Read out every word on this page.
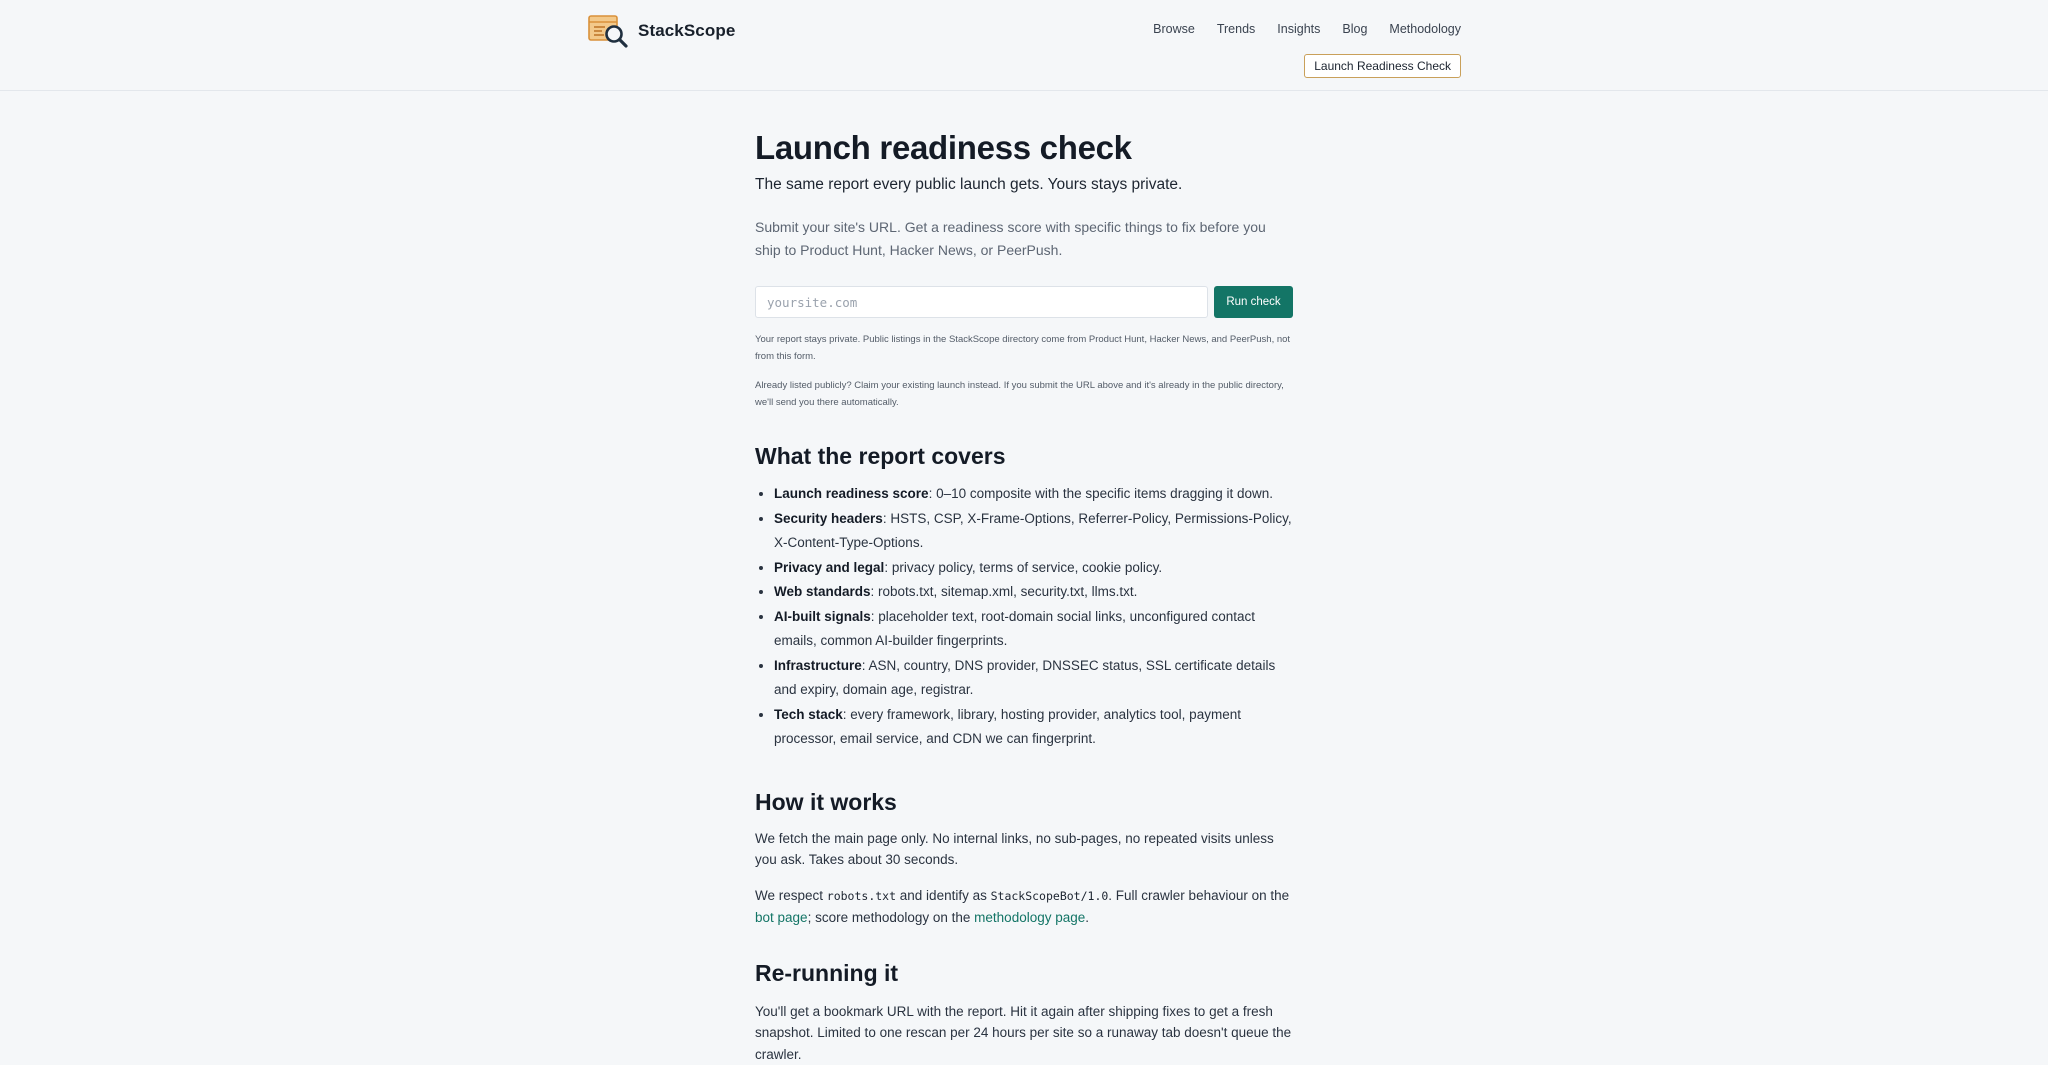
StackScope	Browse Trends Insights Blog Methodology
Launch Readiness Check
Launch readiness check

The same report every public launch gets. Yours stays private.

Submit your site's URL. Get a readiness score with specific things to fix before you ship to Product Hunt, Hacker News, or PeerPush.

yoursite.com
Run check

Your report stays private. Public listings in the StackScope directory come from Product Hunt, Hacker News, and PeerPush, not from this form.

Already listed publicly? Claim your existing launch instead. If you submit the URL above and it's already in the public directory, we'll send you there automatically.

What the report covers
• Launch readiness score: 0–10 composite with the specific items dragging it down.
• Security headers: HSTS, CSP, X-Frame-Options, Referrer-Policy, Permissions-Policy, X-Content-Type-Options.
• Privacy and legal: privacy policy, terms of service, cookie policy.
• Web standards: robots.txt, sitemap.xml, security.txt, llms.txt.
• AI-built signals: placeholder text, root-domain social links, unconfigured contact emails, common AI-builder fingerprints.
• Infrastructure: ASN, country, DNS provider, DNSSEC status, SSL certificate details and expiry, domain age, registrar.
• Tech stack: every framework, library, hosting provider, analytics tool, payment processor, email service, and CDN we can fingerprint.
How it works

We fetch the main page only. No internal links, no sub-pages, no repeated visits unless you ask. Takes about 30 seconds.

We respect robots.txt and identify as StackScopeBot/1.0. Full crawler behaviour on the bot page; score methodology on the methodology page.

Re-running it

You'll get a bookmark URL with the report. Hit it again after shipping fixes to get a fresh snapshot. Limited to one rescan per 24 hours per site so a runaway tab doesn't queue the crawler.
